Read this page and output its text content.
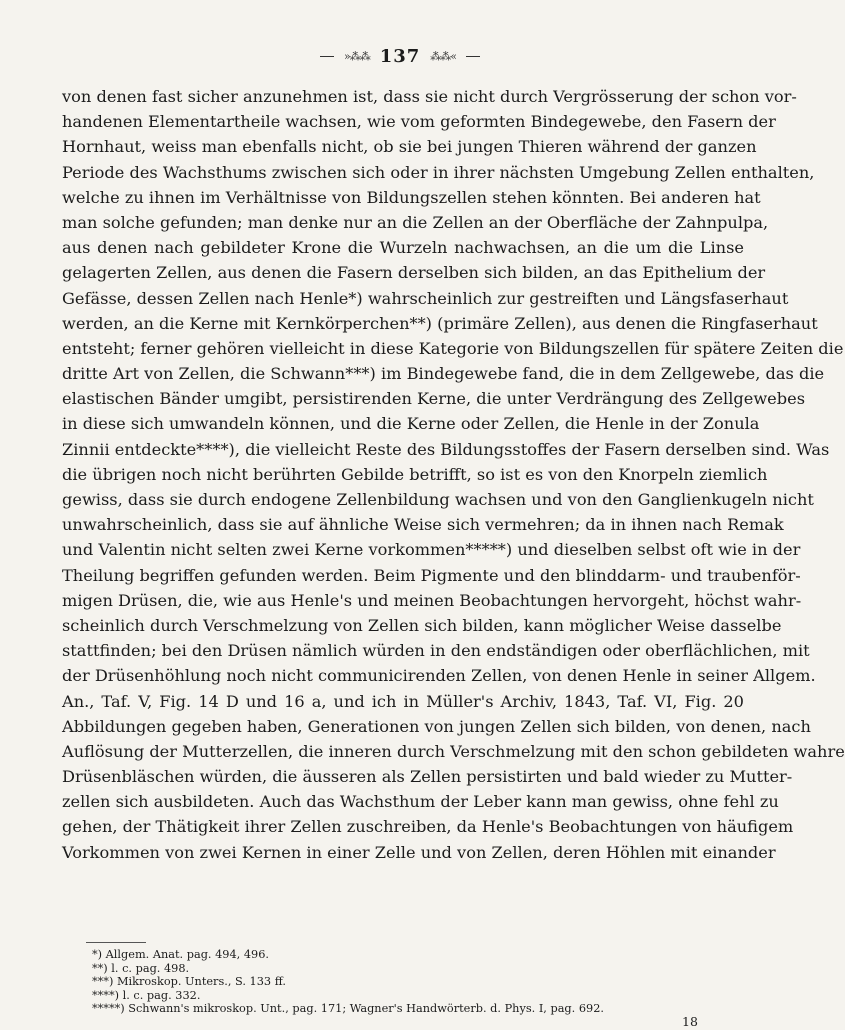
»⁂⁂ 137 ⁂⁂«
von denen fast sicher anzunehmen ist, dass sie nicht durch Vergrösserung der schon vor-
handenen Elementartheile wachsen, wie vom geformten Bindegewebe, den Fasern der
Hornhaut, weiss man ebenfalls nicht, ob sie bei jungen Thieren während der ganzen
Periode des Wachsthums zwischen sich oder in ihrer nächsten Umgebung Zellen enthalten,
welche zu ihnen im Verhältnisse von Bildungszellen stehen könnten. Bei anderen hat
man solche gefunden; man denke nur an die Zellen an der Oberfläche der Zahnpulpa,
aus denen nach gebildeter Krone die Wurzeln nachwachsen, an die um die Linse
gelagerten Zellen, aus denen die Fasern derselben sich bilden, an das Epithelium der
Gefässe, dessen Zellen nach Henle*) wahrscheinlich zur gestreiften und Längsfaserhaut
werden, an die Kerne mit Kernkörperchen**) (primäre Zellen), aus denen die Ringfaserhaut
entsteht; ferner gehören vielleicht in diese Kategorie von Bildungszellen für spätere Zeiten die
dritte Art von Zellen, die Schwann***) im Bindegewebe fand, die in dem Zellgewebe, das die
elastischen Bänder umgibt, persistirenden Kerne, die unter Verdrängung des Zellgewebes
in diese sich umwandeln können, und die Kerne oder Zellen, die Henle in der Zonula
Zinnii entdeckte****), die vielleicht Reste des Bildungsstoffes der Fasern derselben sind. Was
die übrigen noch nicht berührten Gebilde betrifft, so ist es von den Knorpeln ziemlich
gewiss, dass sie durch endogene Zellenbildung wachsen und von den Ganglienkugeln nicht
unwahrscheinlich, dass sie auf ähnliche Weise sich vermehren; da in ihnen nach Remak
und Valentin nicht selten zwei Kerne vorkommen*****) und dieselben selbst oft wie in der
Theilung begriffen gefunden werden. Beim Pigmente und den blinddarm- und traubenför-
migen Drüsen, die, wie aus Henle's und meinen Beobachtungen hervorgeht, höchst wahr-
scheinlich durch Verschmelzung von Zellen sich bilden, kann möglicher Weise dasselbe
stattfinden; bei den Drüsen nämlich würden in den endständigen oder oberflächlichen, mit
der Drüsenhöhlung noch nicht communicirenden Zellen, von denen Henle in seiner Allgem.
An., Taf. V, Fig. 14 D und 16 a, und ich in Müller's Archiv, 1843, Taf. VI, Fig. 20
Abbildungen gegeben haben, Generationen von jungen Zellen sich bilden, von denen, nach
Auflösung der Mutterzellen, die inneren durch Verschmelzung mit den schon gebildeten wahre
Drüsenbläschen würden, die äusseren als Zellen persistirten und bald wieder zu Mutter-
zellen sich ausbildeten. Auch das Wachsthum der Leber kann man gewiss, ohne fehl zu
gehen, der Thätigkeit ihrer Zellen zuschreiben, da Henle's Beobachtungen von häufigem
Vorkommen von zwei Kernen in einer Zelle und von Zellen, deren Höhlen mit einander
*) Allgem. Anat. pag. 494, 496.
**) l. c. pag. 498.
***) Mikroskop. Unters., S. 133 ff.
****) l. c. pag. 332.
*****) Schwann's mikroskop. Unt., pag. 171; Wagner's Handwörterb. d. Phys. I, pag. 692.
18
